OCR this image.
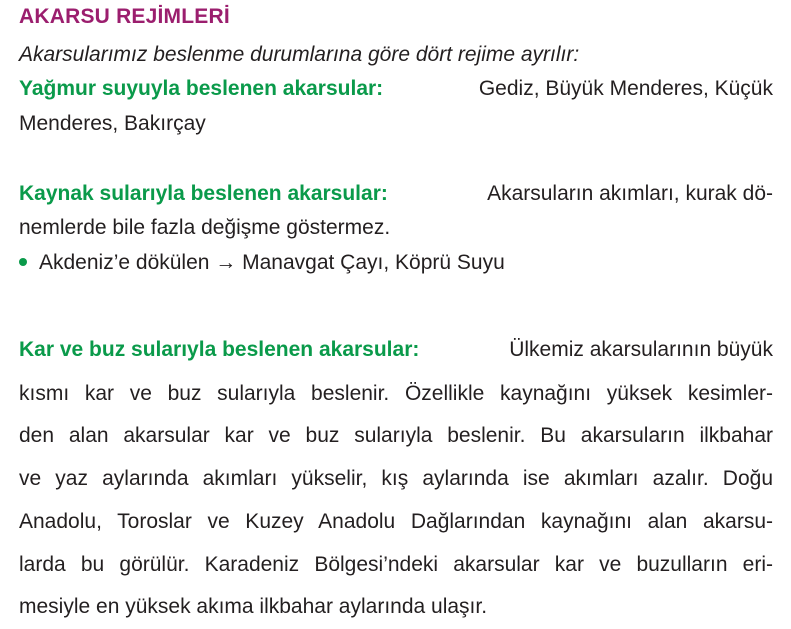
AKARSU REJİMLERİ
Akarsularımız beslenme durumlarına göre dört rejime ayrılır:
Yağmur suyuyla beslenen akarsular:	Gediz, Büyük Menderes, Küçük
Menderes, Bakırçay
Kaynak sularıyla beslenen akarsular:	Akarsuların akımları, kurak dö-
nemlerde bile fazla değişme göstermez.
Akdeniz’e dökülen → Manavgat Çayı, Köprü Suyu
Kar ve buz sularıyla beslenen akarsular:	Ülkemiz akarsularının büyük
kısmı kar ve buz sularıyla beslenir. Özellikle kaynağını yüksek kesimler-
den alan akarsular kar ve buz sularıyla beslenir. Bu akarsuların ilkbahar
ve yaz aylarında akımları yükselir, kış aylarında ise akımları azalır. Doğu
Anadolu, Toroslar ve Kuzey Anadolu Dağlarından kaynağını alan akarsu-
larda bu görülür. Karadeniz Bölgesi’ndeki akarsular kar ve buzulların eri-
mesiyle en yüksek akıma ilkbahar aylarında ulaşır.
